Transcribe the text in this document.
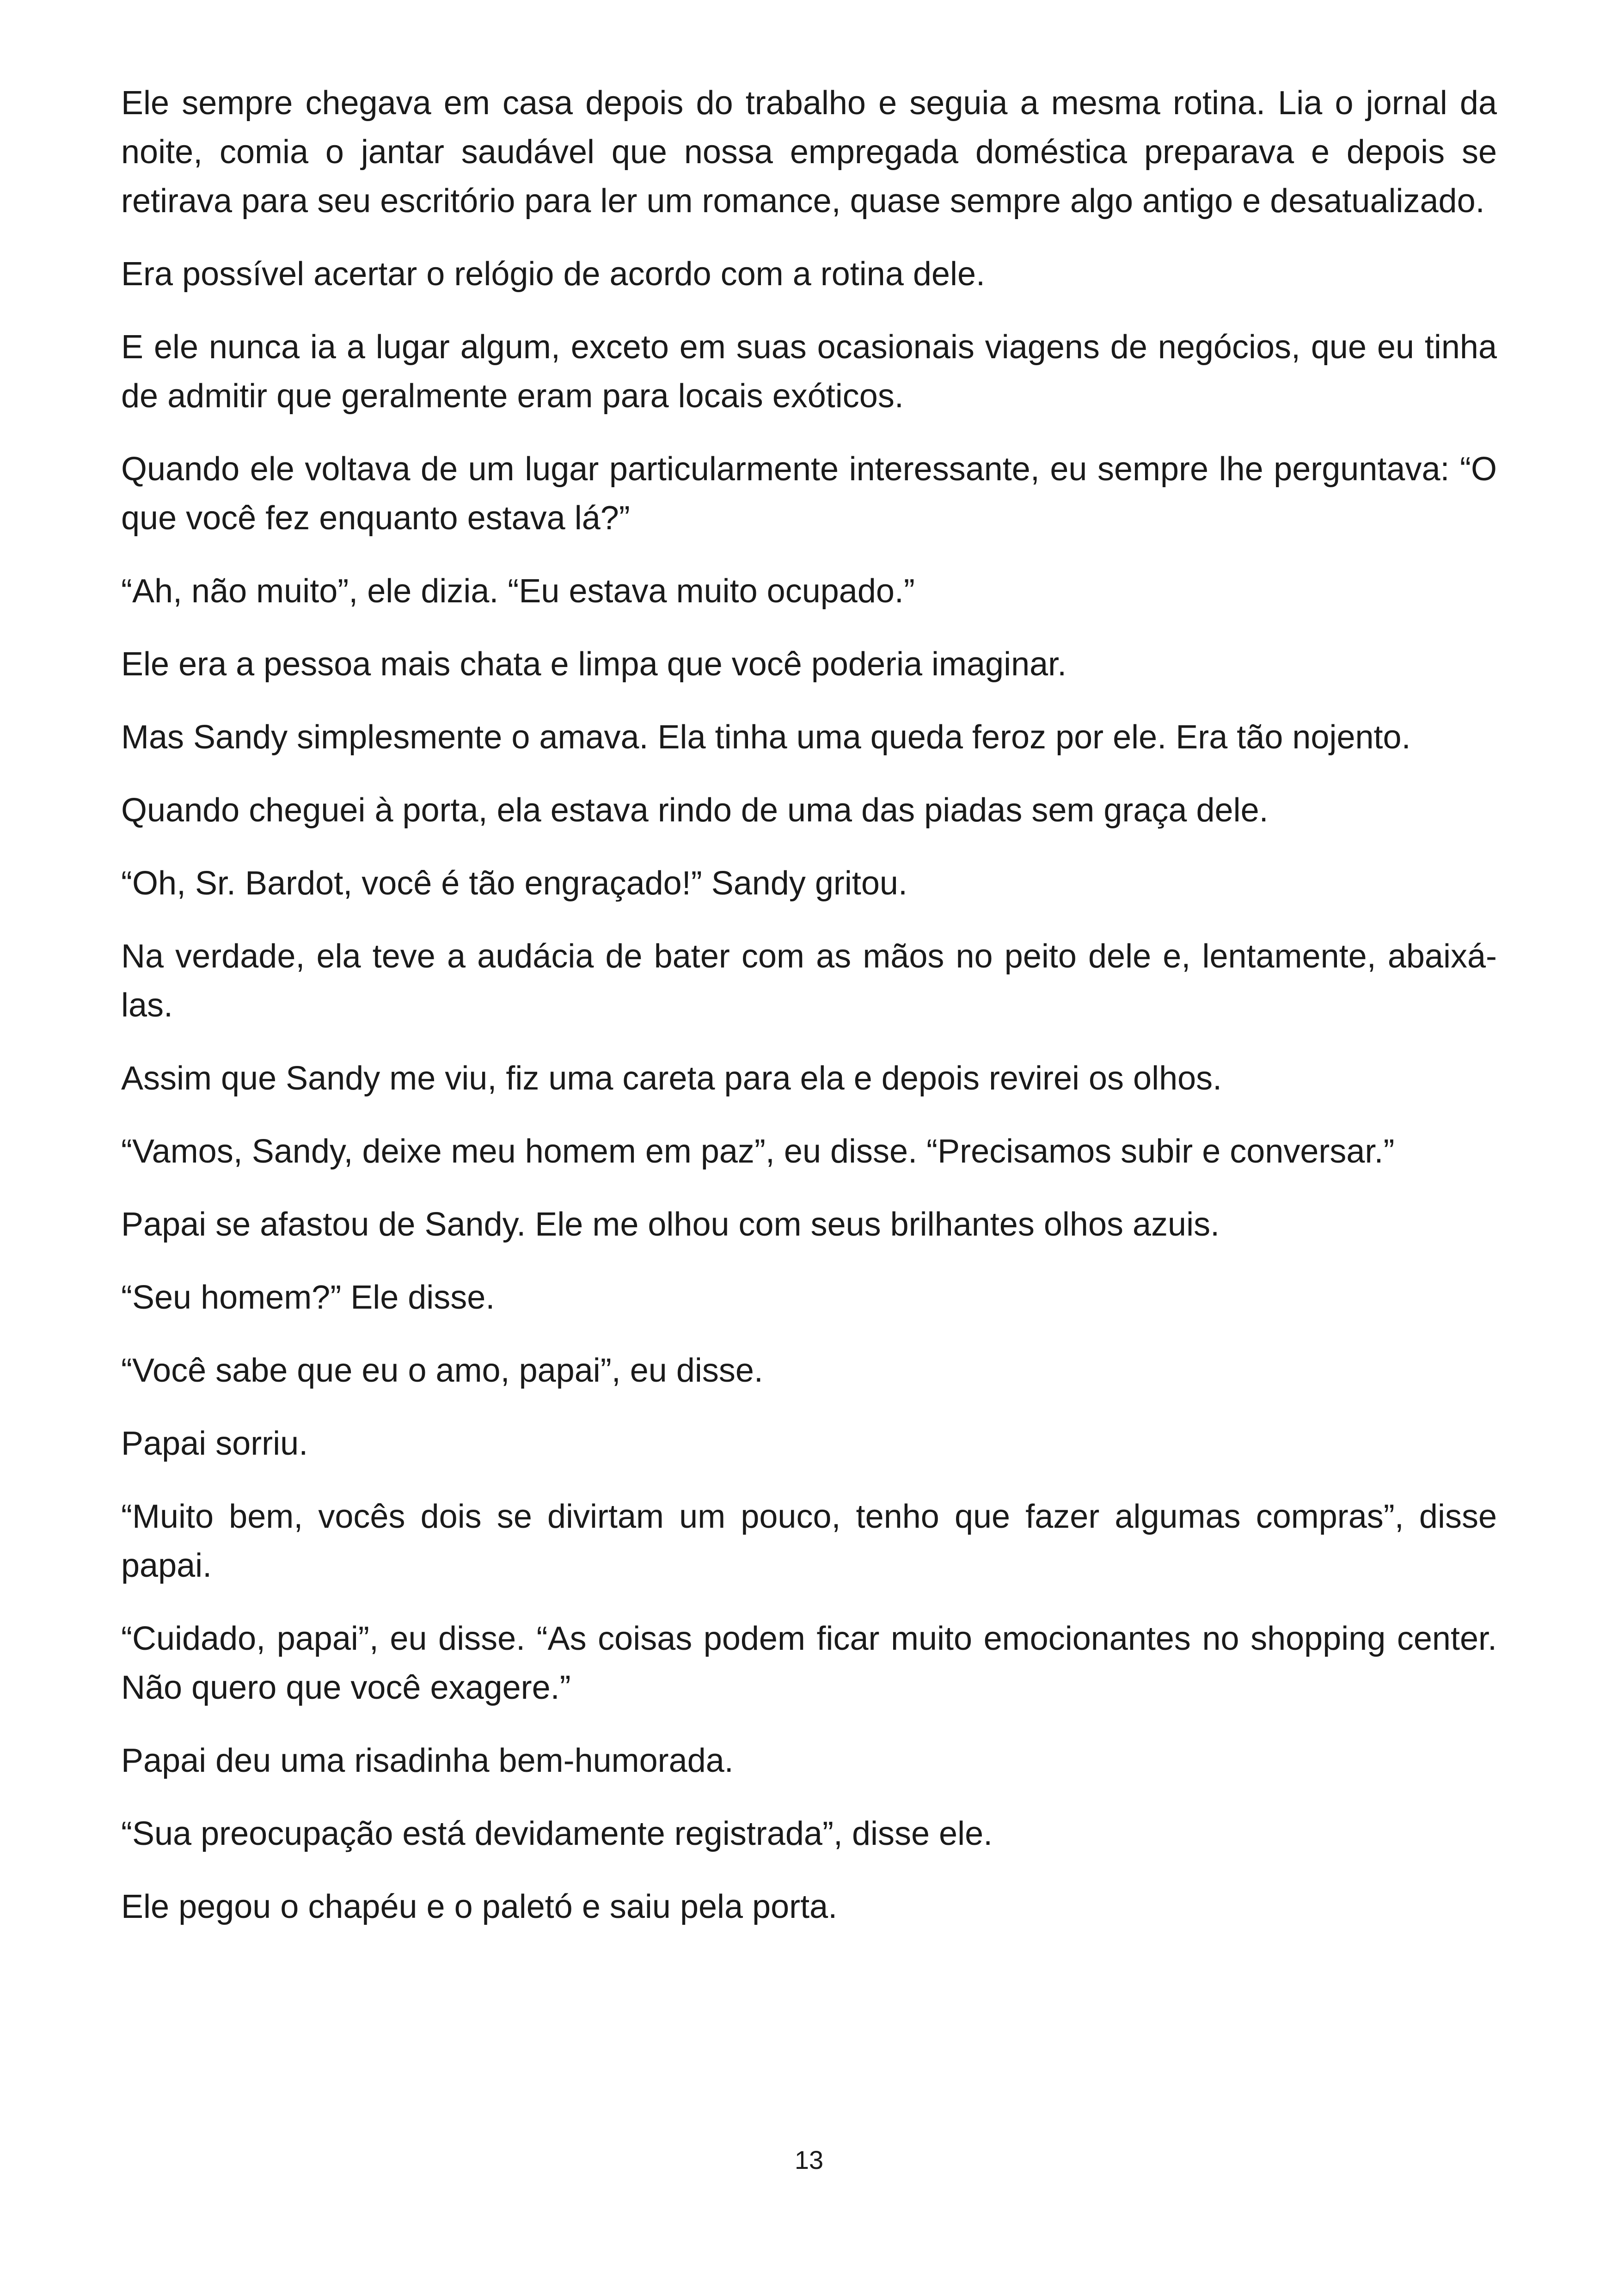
Ele sempre chegava em casa depois do trabalho e seguia a mesma rotina. Lia o jornal da noite, comia o jantar saudável que nossa empregada doméstica preparava e depois se retirava para seu escritório para ler um romance, quase sempre algo antigo e desatualizado.

Era possível acertar o relógio de acordo com a rotina dele.

E ele nunca ia a lugar algum, exceto em suas ocasionais viagens de negócios, que eu tinha de admitir que geralmente eram para locais exóticos.

Quando ele voltava de um lugar particularmente interessante, eu sempre lhe perguntava: “O que você fez enquanto estava lá?”

“Ah, não muito”, ele dizia. “Eu estava muito ocupado.”

Ele era a pessoa mais chata e limpa que você poderia imaginar.

Mas Sandy simplesmente o amava. Ela tinha uma queda feroz por ele. Era tão nojento.

Quando cheguei à porta, ela estava rindo de uma das piadas sem graça dele.

“Oh, Sr. Bardot, você é tão engraçado!” Sandy gritou.

Na verdade, ela teve a audácia de bater com as mãos no peito dele e, lentamente, abaixá-las.

Assim que Sandy me viu, fiz uma careta para ela e depois revirei os olhos.

“Vamos, Sandy, deixe meu homem em paz”, eu disse. “Precisamos subir e conversar.”

Papai se afastou de Sandy. Ele me olhou com seus brilhantes olhos azuis.

“Seu homem?” Ele disse.

“Você sabe que eu o amo, papai”, eu disse.

Papai sorriu.

“Muito bem, vocês dois se divirtam um pouco, tenho que fazer algumas compras”, disse papai.

“Cuidado, papai”, eu disse. “As coisas podem ficar muito emocionantes no shopping center. Não quero que você exagere.”

Papai deu uma risadinha bem-humorada.

“Sua preocupação está devidamente registrada”, disse ele.

Ele pegou o chapéu e o paletó e saiu pela porta.

13
